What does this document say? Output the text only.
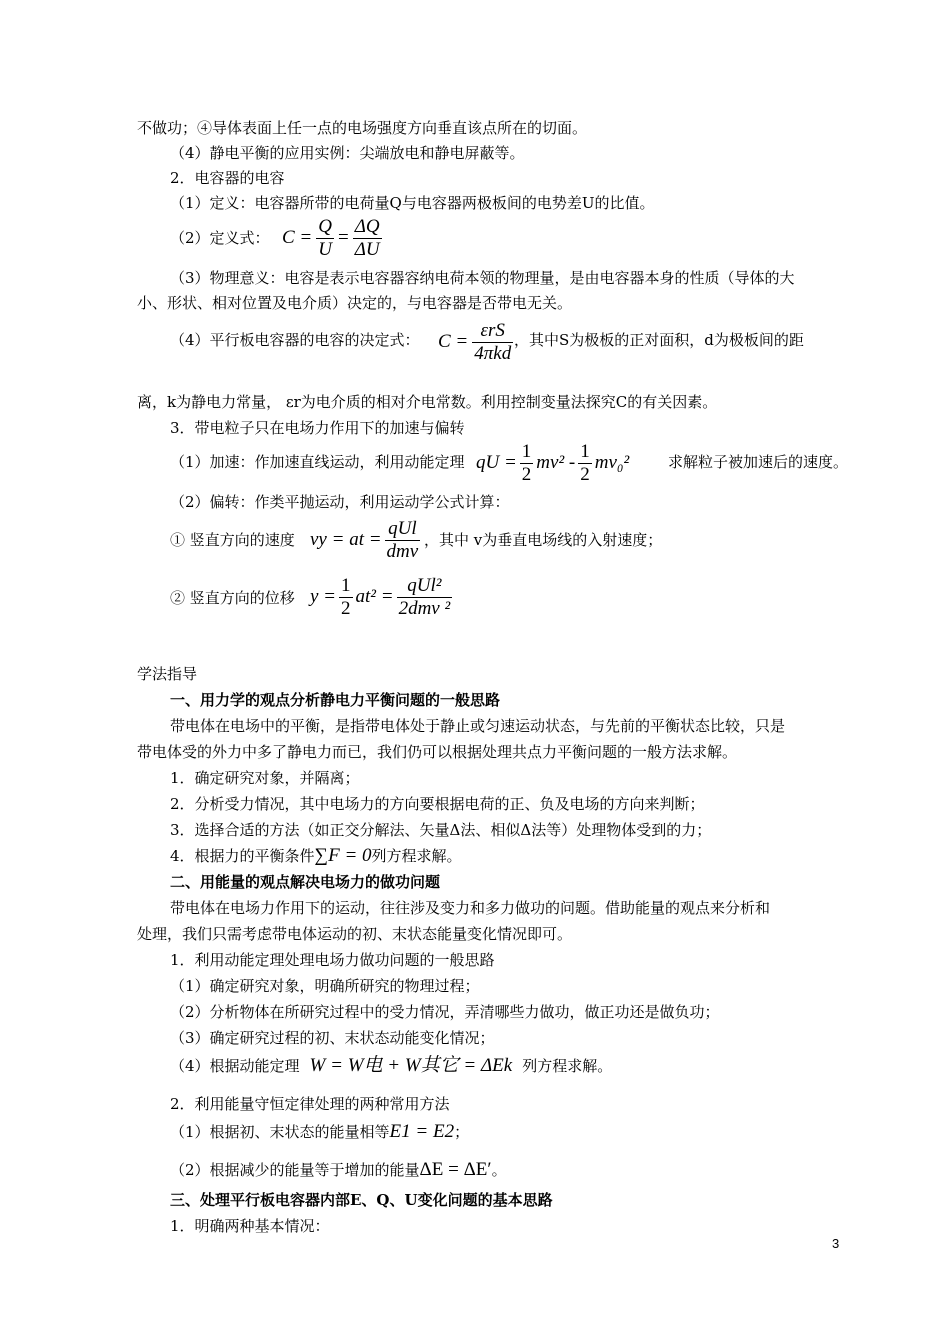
不做功；④导体表面上任一点的电场强度方向垂直该点所在的切面。
（4）静电平衡的应用实例：尖端放电和静电屏蔽等。
2．电容器的电容
（1）定义：电容器所带的电荷量Q与电容器两极板间的电势差U的比值。
（2）定义式： $C = \frac{Q}{U} = \frac{\Delta Q}{\Delta U}$
（3）物理意义：电容是表示电容器容纳电荷本领的物理量，是由电容器本身的性质（导体的大
小、形状、相对位置及电介质）决定的，与电容器是否带电无关。
（4）平行板电容器的电容的决定式： $C = \frac{\text{εrS}}{\text{4πkd}}$ ，其中S为极板的正对面积，d为极板间的距
离，k为静电力常量， εr为电介质的相对介电常数。利用控制变量法探究C的有关因素。
3．带电粒子只在电场力作用下的加速与偏转
（1）加速：作加速直线运动，利用动能定理 qU = $\frac{1}{2} mv^2 - \frac{1}{2} mv_0^2$	求解粒子被加速后的速度。
（2）偏转：作类平抛运动，利用运动学公式计算：
① 竖直方向的速度 vy = at = $\frac{\text{qUl}}{\text{dmv}}$ ，其中 v为垂直电场线的入射速度；
② 竖直方向的位移 $y = \frac{1}{2} at^2 = \frac{\text{qUl²}}{\text{2dmv ²}}$
学法指导
一、用力学的观点分析静电力平衡问题的一般思路
带电体在电场中的平衡，是指带电体处于静止或匀速运动状态，与先前的平衡状态比较，只是
带电体受的外力中多了静电力而已，我们仍可以根据处理共点力平衡问题的一般方法求解。
1．确定研究对象，并隔离；
2．分析受力情况，其中电场力的方向要根据电荷的正、负及电场的方向来判断；
3．选择合适的方法（如正交分解法、矢量Δ法、相似Δ法等）处理物体受到的力；
4．根据力的平衡条件∑F = 0列方程求解。
二、用能量的观点解决电场力的做功问题
带电体在电场力作用下的运动，往往涉及变力和多力做功的问题。借助能量的观点来分析和
处理，我们只需考虑带电体运动的初、末状态能量变化情况即可。
1．利用动能定理处理电场力做功问题的一般思路
（1）确定研究对象，明确所研究的物理过程；
（2）分析物体在所研究过程中的受力情况，弄清哪些力做功，做正功还是做负功；
（3）确定研究过程的初、末状态动能变化情况；
（4）根据动能定理 W = W电 + W其它 = ΔEk 列方程求解。
2．利用能量守恒定律处理的两种常用方法
（1）根据初、末状态的能量相等E1 = E2；
（2）根据减少的能量等于增加的能量ΔE = ΔE′。
三、处理平行板电容器内部E、Q、U变化问题的基本思路
1．明确两种基本情况：
3
